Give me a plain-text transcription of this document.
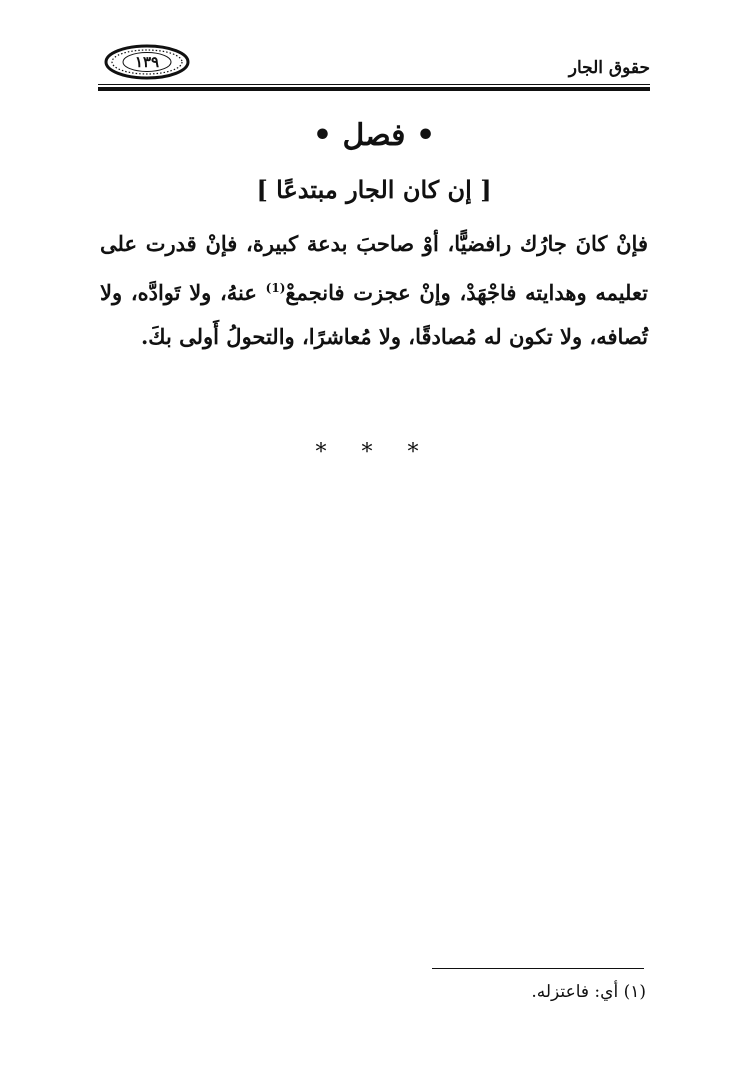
حقوق الجار
١٣٩
• فصل •
[ إن كان الجار مبتدعًا ]
فإنْ كانَ جارُك رافضيًّا، أوْ صاحبَ بدعة كبيرة، فإنْ قدرت على تعليمه وهدايته فاجْهَدْ، وإنْ عجزت فانجمعْ$^{(1)}$ عنهُ، ولا تَوادَّه، ولا تُصافه، ولا تكون له مُصادقًا، ولا مُعاشرًا، والتحولُ أَولى بكَ.
* * *
(١) أي: فاعتزله.
